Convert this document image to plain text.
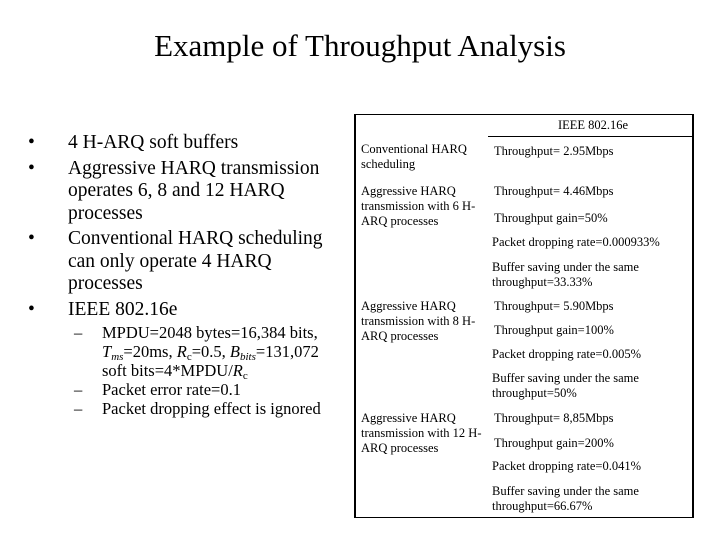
Example of Throughput Analysis
• 4 H-ARQ soft buffers
• Aggressive HARQ transmission operates 6, 8 and 12 HARQ processes
• Conventional HARQ scheduling can only operate 4 HARQ processes
• IEEE 802.16e
– MPDU=2048 bytes=16,384 bits, $T_{ms}=20ms$, $R_c=0.5$, $B_{bits}=131,072$ soft $bits=4*MPDU/R_c$
– Packet error rate=0.1
– Packet dropping effect is ignored
IEEE 802.16e
Conventional HARQ scheduling
Throughput= 2.95Mbps
Aggressive HARQ transmission with 6 H-ARQ processes
Throughput= 4.46Mbps
Throughput gain=50%
Packet dropping rate=0.000933%
Buffer saving under the same throughput=33.33%
Aggressive HARQ transmission with 8 H-ARQ processes
Throughput= 5.90Mbps
Throughput gain=100%
Packet dropping rate=0.005%
Buffer saving under the same throughput=50%
Aggressive HARQ transmission with 12 H-ARQ processes
Throughput= 8,85Mbps
Throughput gain=200%
Packet dropping rate=0.041%
Buffer saving under the same throughput=66.67%
